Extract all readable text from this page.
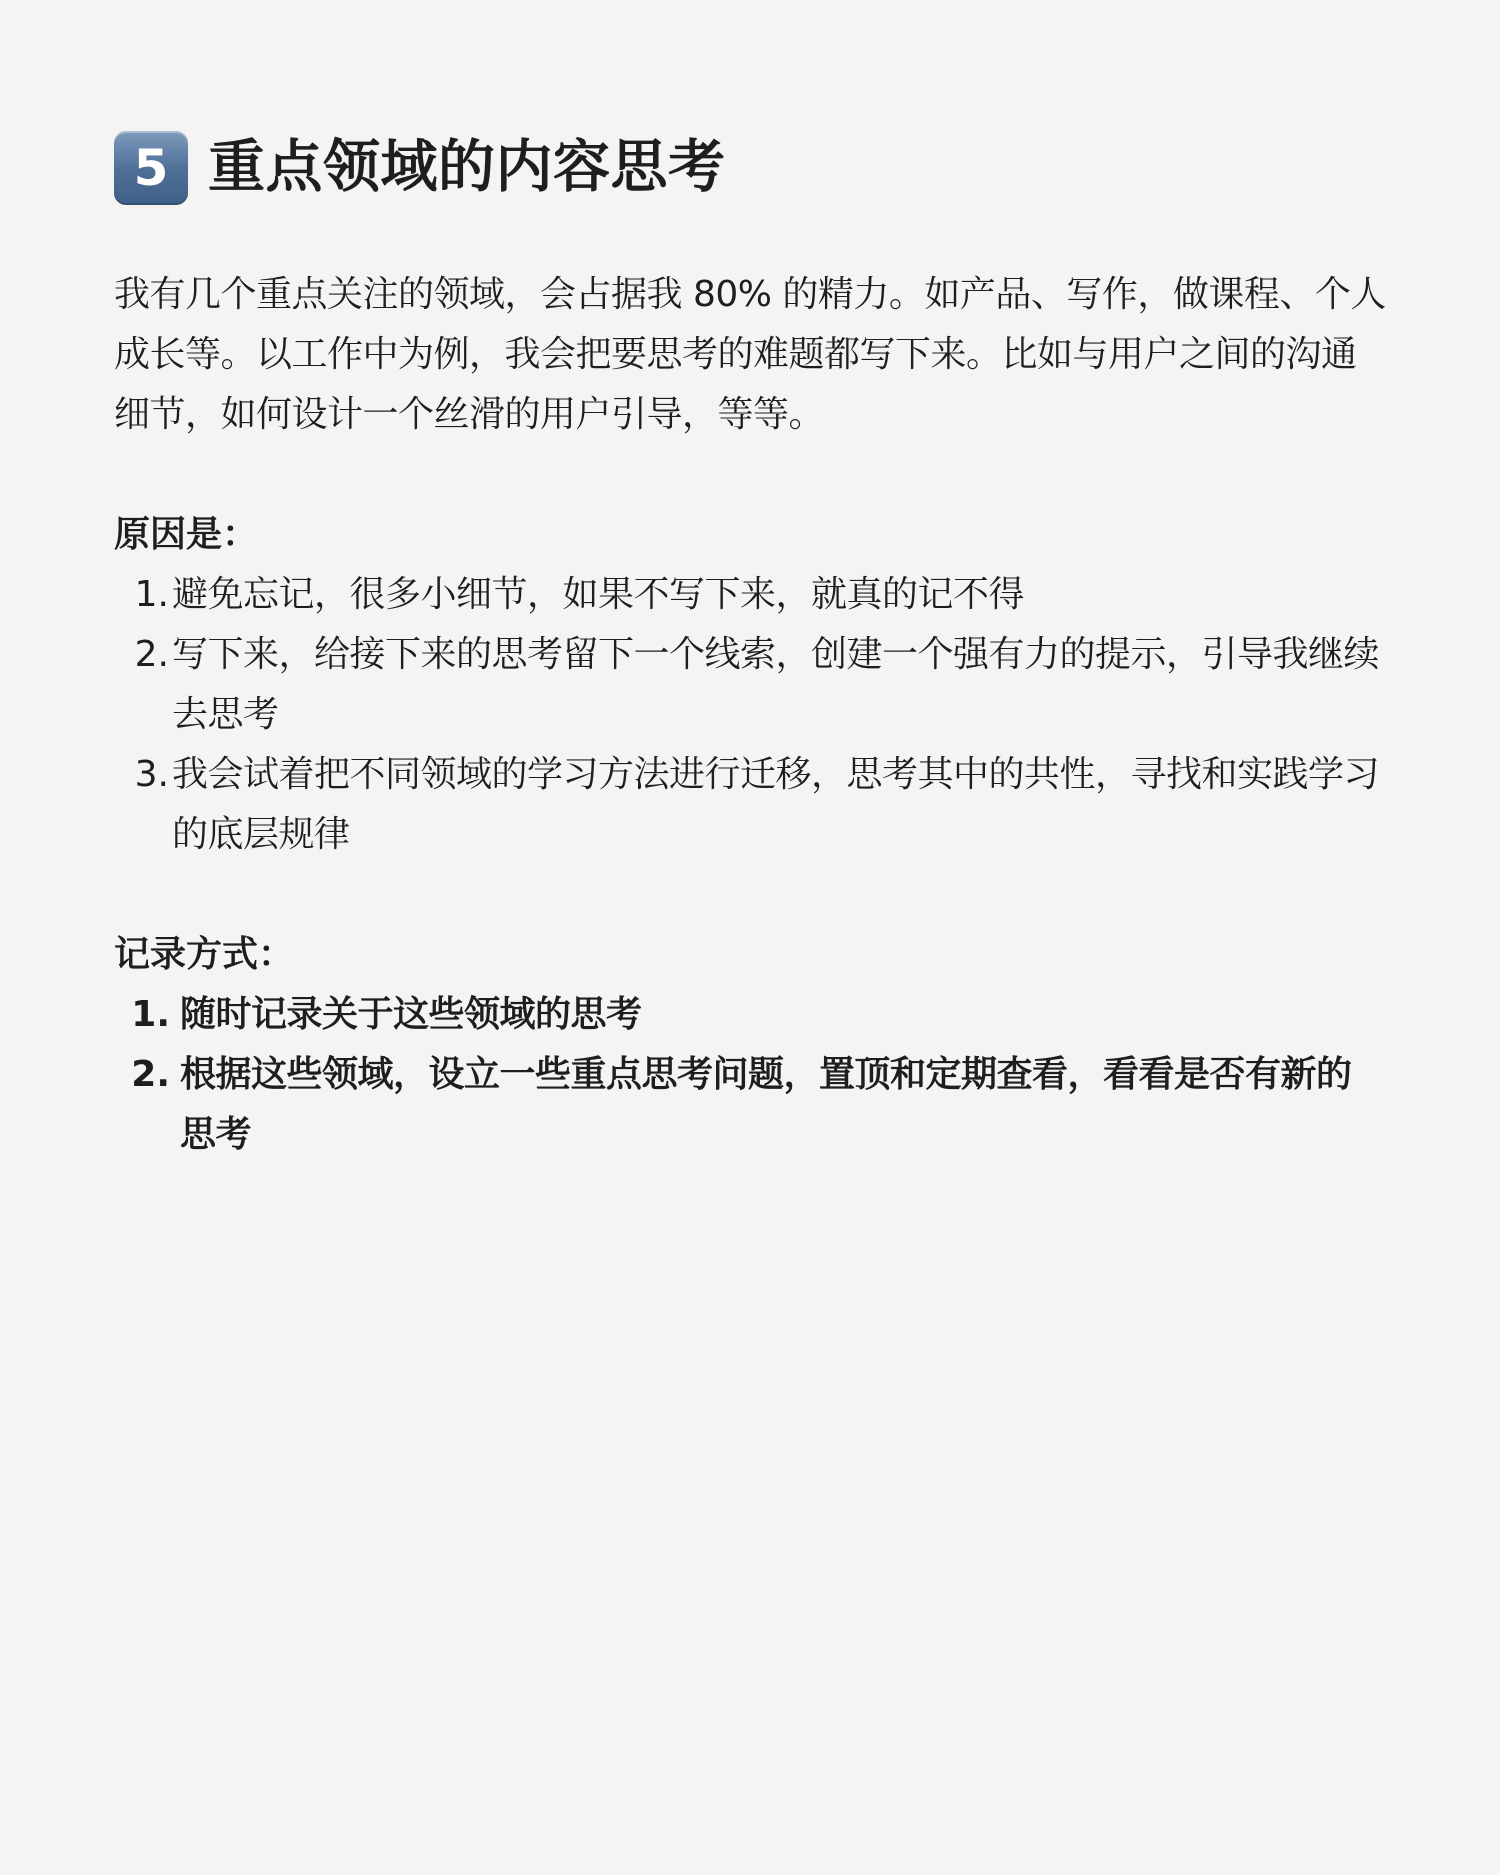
5 重点领域的内容思考

我有几个重点关注的领域，会占据我 80% 的精力。如产品、写作，做课程、个人成长等。以工作中为例，我会把要思考的难题都写下来。比如与用户之间的沟通细节，如何设计一个丝滑的用户引导，等等。

原因是：
1. 避免忘记，很多小细节，如果不写下来，就真的记不得
2. 写下来，给接下来的思考留下一个线索，创建一个强有力的提示，引导我继续去思考
3. 我会试着把不同领域的学习方法进行迁移，思考其中的共性，寻找和实践学习的底层规律
记录方式：
1. 随时记录关于这些领域的思考
2. 根据这些领域，设立一些重点思考问题，置顶和定期查看，看看是否有新的思考
